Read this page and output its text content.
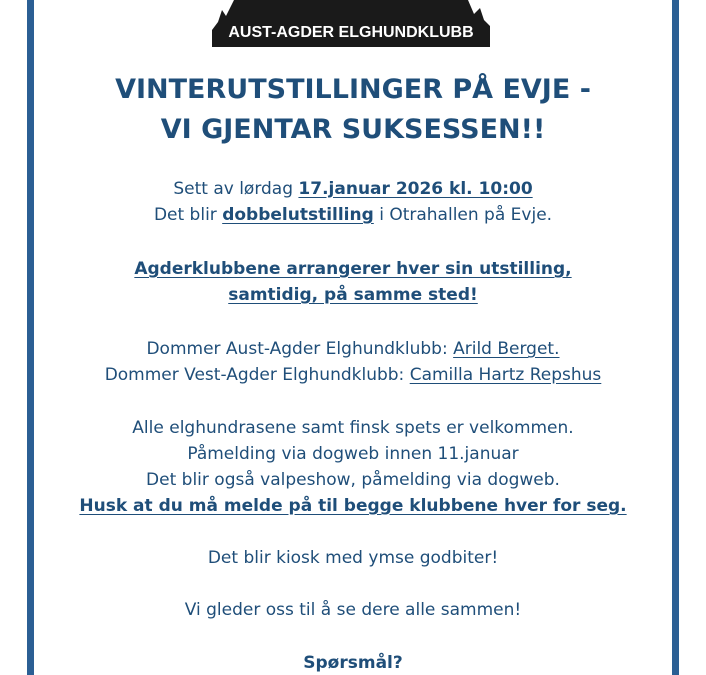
AUST-AGDER ELGHUNDKLUBB
VINTERUTSTILLINGER PÅ EVJE -
VI GJENTAR SUKSESSEN!!
Sett av lørdag 17.januar 2026 kl. 10:00
Det blir dobbelutstilling i Otrahallen på Evje.
Agderklubbene arrangerer hver sin utstilling,
samtidig, på samme sted!
Dommer Aust-Agder Elghundklubb: Arild Berget.
Dommer Vest-Agder Elghundklubb: Camilla Hartz Repshus
Alle elghundrasene samt finsk spets er velkommen.
Påmelding via dogweb innen 11.januar
Det blir også valpeshow, påmelding via dogweb.
Husk at du må melde på til begge klubbene hver for seg.
Det blir kiosk med ymse godbiter!
Vi gleder oss til å se dere alle sammen!
Spørsmål?
